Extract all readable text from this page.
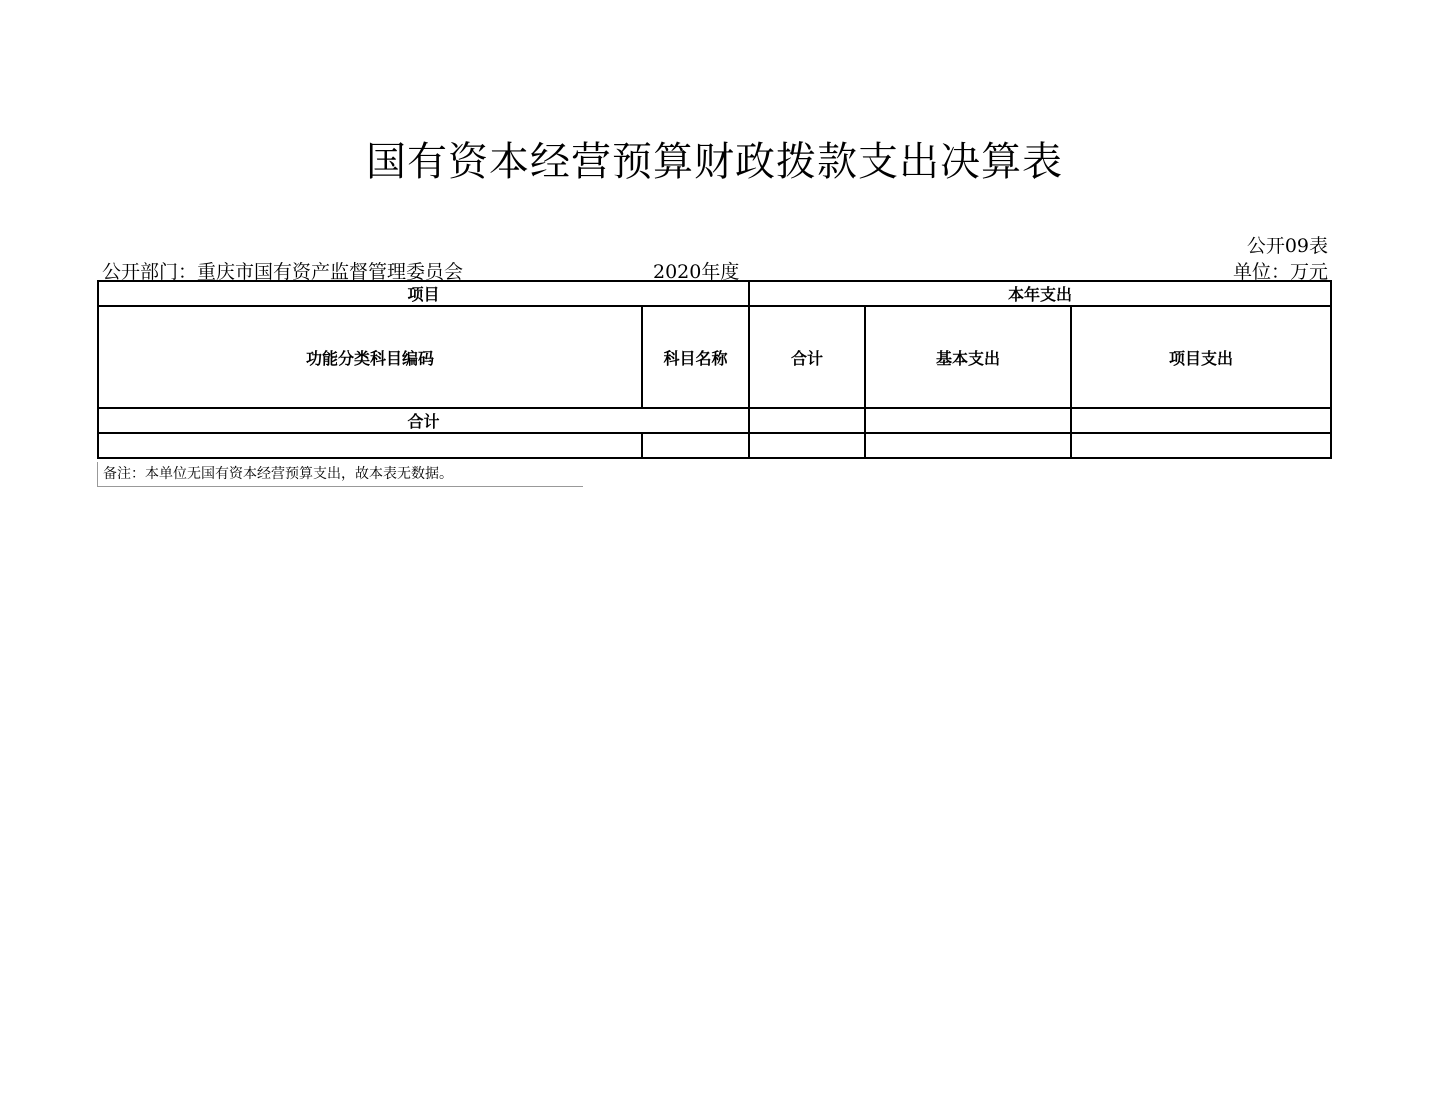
国有资本经营预算财政拨款支出决算表
公开09表
公开部门：重庆市国有资产监督管理委员会	2020年度	单位：万元
项目		本年支出		
功能分类科目编码	科目名称	合计	基本支出	项目支出
合计				

备注：本单位无国有资本经营预算支出，故本表无数据。
